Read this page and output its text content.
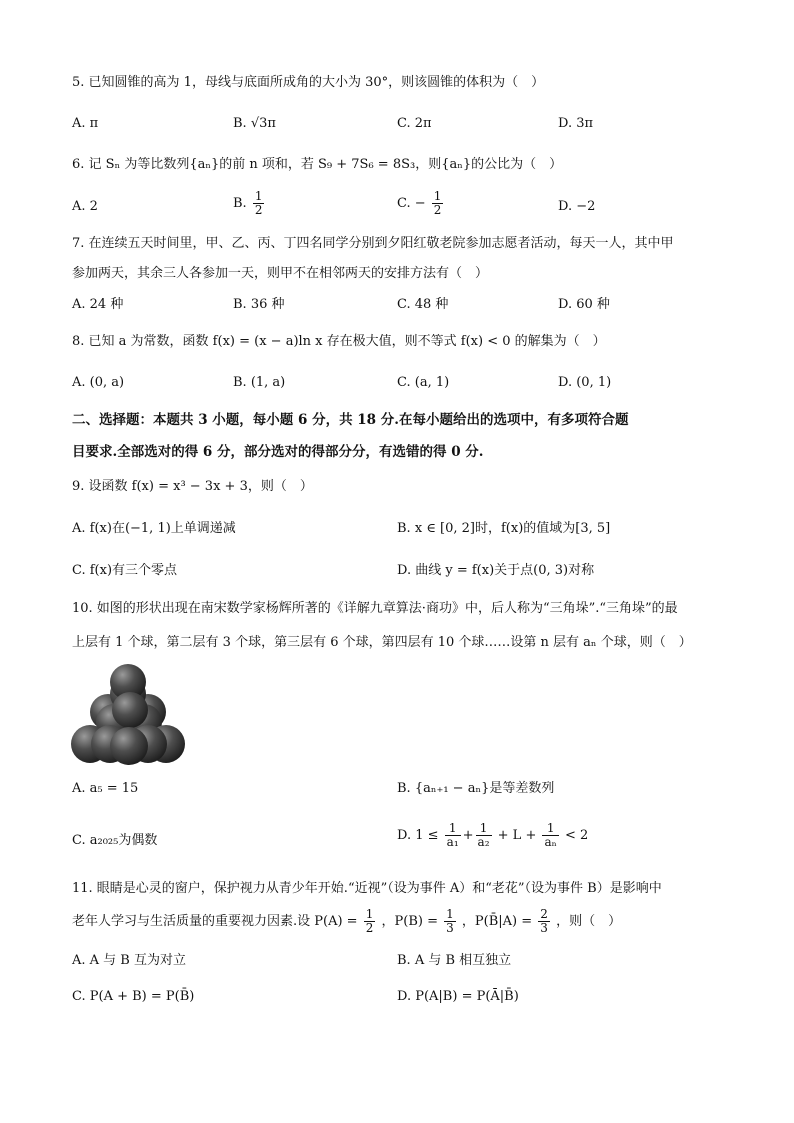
5. 已知圆锥的高为 1，母线与底面所成角的大小为 30°，则该圆锥的体积为（　）
A. π	B. √3π	C. 2π	D. 3π
6. 记 Sₙ 为等比数列{aₙ}的前 n 项和，若 S₉ + 7S₆ = 8S₃，则{aₙ}的公比为（　）
A. 2	B. $\frac{1}{2}$	C. − $\frac{1}{2}$	D. −2
7. 在连续五天时间里，甲、乙、丙、丁四名同学分别到夕阳红敬老院参加志愿者活动，每天一人，其中甲
参加两天，其余三人各参加一天，则甲不在相邻两天的安排方法有（　）
A. 24 种	B. 36 种	C. 48 种	D. 60 种
8. 已知 a 为常数，函数 f(x) = (x − a)ln x 存在极大值，则不等式 f(x) < 0 的解集为（　）
A. (0, a)	B. (1, a)	C. (a, 1)	D. (0, 1)
二、选择题：本题共 3 小题，每小题 6 分，共 18 分.在每小题给出的选项中，有多项符合题
目要求.全部选对的得 6 分，部分选对的得部分分，有选错的得 0 分.
9. 设函数 f(x) = x³ − 3x + 3，则（　）
A. f(x)在(−1, 1)上单调递减	B. x ∈ [0, 2]时，f(x)的值域为[3, 5]
C. f(x)有三个零点	D. 曲线 y = f(x)关于点(0, 3)对称
10. 如图的形状出现在南宋数学家杨辉所著的《详解九章算法·商功》中，后人称为“三角垛”.“三角垛”的最
上层有 1 个球，第二层有 3 个球，第三层有 6 个球，第四层有 10 个球……设第 n 层有 aₙ 个球，则（　）
A. a₅ = 15	B. {aₙ₊₁ − aₙ}是等差数列
C. a₂₀₂₅为偶数	D. $1 \le \frac{1}{\text{a₁}} + \frac{1}{\text{a₂}} + L + \frac{1}{\text{aₙ}} < 2$
11. 眼睛是心灵的窗户，保护视力从青少年开始.“近视”（设为事件 A）和“老花”（设为事件 B）是影响中
老年人学习与生活质量的重要视力因素.设 $P(A) = \frac{1}{2}$ ，$P(B) = \frac{1}{3}$ ，P(B̄|A) = $\frac{2}{3}$ ，则（　）
A. A 与 B 互为对立	B. A 与 B 相互独立
C. P(A + B) = P(B̄)	D. P(A|B) = P(Ā|B̄)
